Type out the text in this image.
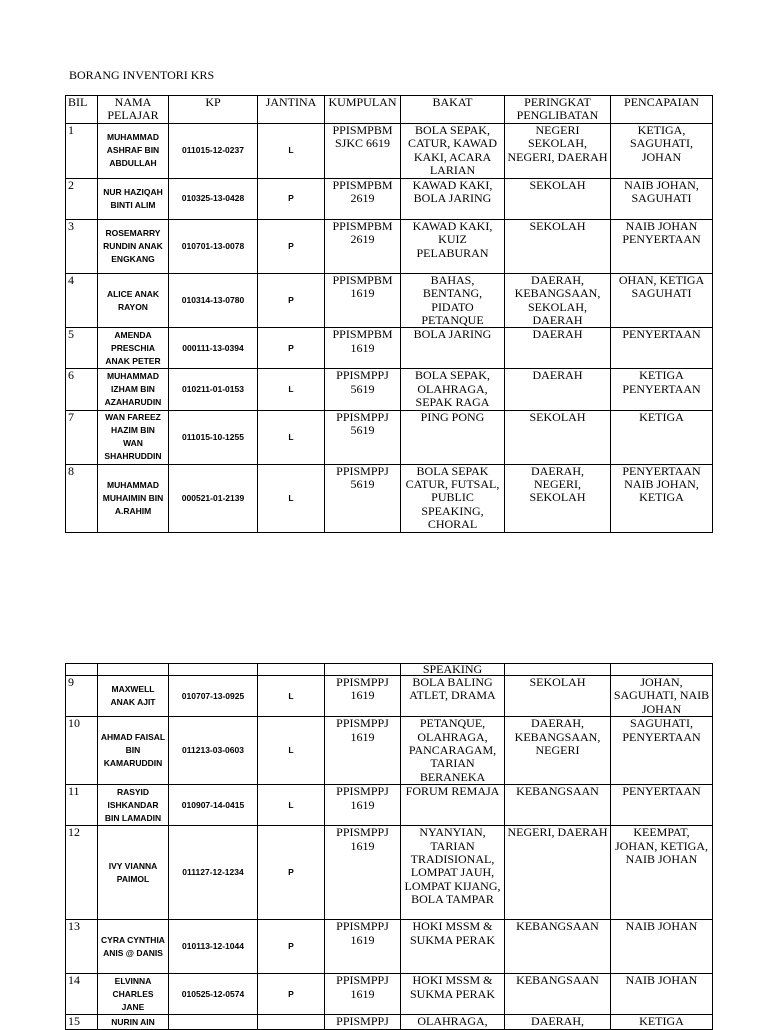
BORANG INVENTORI KRS
BIL	NAMA PELAJAR	KP	JANTINA	KUMPULAN	BAKAT	PERINGKAT PENGLIBATAN	PENCAPAIAN
1	MUHAMMAD ASHRAF BIN ABDULLAH	011015-12-0237	L	PPISMPBM SJKC 6619	BOLA SEPAK, CATUR, KAWAD KAKI, ACARA LARIAN	NEGERI SEKOLAH, NEGERI, DAERAH	KETIGA, SAGUHATI, JOHAN
2	NUR HAZIQAH BINTI ALIM	010325-13-0428	P	PPISMPBM 2619	KAWAD KAKI, BOLA JARING	SEKOLAH	NAIB JOHAN, SAGUHATI
3	ROSEMARRY RUNDIN ANAK ENGKANG	010701-13-0078	P	PPISMPBM 2619	KAWAD KAKI, KUIZ PELABURAN	SEKOLAH	NAIB JOHAN PENYERTAAN
4	ALICE ANAK RAYON	010314-13-0780	P	PPISMPBM 1619	BAHAS, BENTANG, PIDATO PETANQUE	DAERAH, KEBANGSAAN, SEKOLAH, DAERAH	OHAN, KETIGA SAGUHATI
5	AMENDA PRESCHIA ANAK PETER	000111-13-0394	P	PPISMPBM 1619	BOLA JARING	DAERAH	PENYERTAAN
6	MUHAMMAD IZHAM BIN AZAHARUDIN	010211-01-0153	L	PPISMPPJ 5619	BOLA SEPAK, OLAHRAGA, SEPAK RAGA	DAERAH	KETIGA PENYERTAAN
7	WAN FAREEZ HAZIM BIN WAN SHAHRUDDIN	011015-10-1255	L	PPISMPPJ 5619	PING PONG	SEKOLAH	KETIGA
8	MUHAMMAD MUHAIMIN BIN A.RAHIM	000521-01-2139	L	PPISMPPJ 5619	BOLA SEPAK CATUR, FUTSAL, PUBLIC SPEAKING, CHORAL	DAERAH, NEGERI, SEKOLAH	PENYERTAAN NAIB JOHAN, KETIGA
					SPEAKING		
9	MAXWELL ANAK AJIT	010707-13-0925	L	PPISMPPJ 1619	BOLA BALING ATLET, DRAMA	SEKOLAH	JOHAN, SAGUHATI, NAIB JOHAN
10	AHMAD FAISAL BIN KAMARUDDIN	011213-03-0603	L	PPISMPPJ 1619	PETANQUE, OLAHRAGA, PANCARAGAM, TARIAN BERANEKA	DAERAH, KEBANGSAAN, NEGERI	SAGUHATI, PENYERTAAN
11	RASYID ISHKANDAR BIN LAMADIN	010907-14-0415	L	PPISMPPJ 1619	FORUM REMAJA	KEBANGSAAN	PENYERTAAN
12	IVY VIANNA PAIMOL	011127-12-1234	P	PPISMPPJ 1619	NYANYIAN, TARIAN TRADISIONAL, LOMPAT JAUH, LOMPAT KIJANG, BOLA TAMPAR	NEGERI, DAERAH	KEEMPAT, JOHAN, KETIGA, NAIB JOHAN
13	CYRA CYNTHIA ANIS @ DANIS	010113-12-1044	P	PPISMPPJ 1619	HOKI MSSM & SUKMA PERAK	KEBANGSAAN	NAIB JOHAN
14	ELVINNA CHARLES JANE	010525-12-0574	P	PPISMPPJ 1619	HOKI MSSM & SUKMA PERAK	KEBANGSAAN	NAIB JOHAN
15	NURIN AIN			PPISMPPJ	OLAHRAGA,	DAERAH,	KETIGA
